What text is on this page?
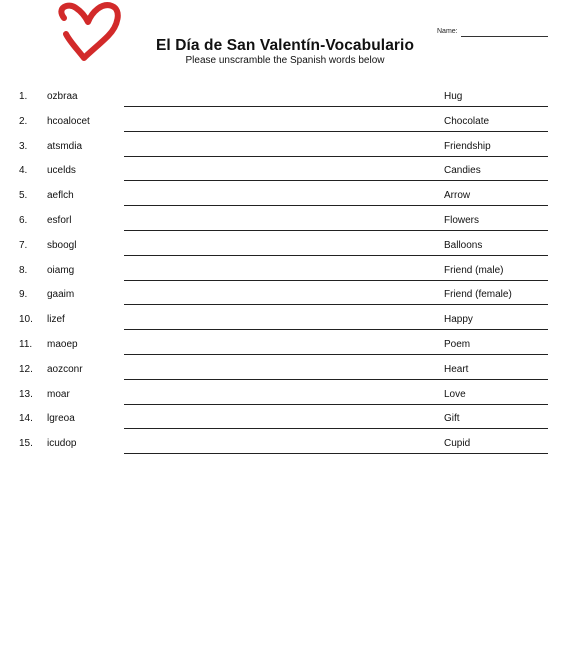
Name:
El Día de San Valentín-Vocabulario
Please unscramble the Spanish words below
1. ozbraa	Hug
2. hcoalocet	Chocolate
3. atsmdia	Friendship
4. ucelds	Candies
5. aeflch	Arrow
6. esforl	Flowers
7. sboogl	Balloons
8. oiamg	Friend (male)
9. gaaim	Friend (female)
10. lizef	Happy
11. maoep	Poem
12. aozconr	Heart
13. moar	Love
14. lgreoa	Gift
15. icudop	Cupid
